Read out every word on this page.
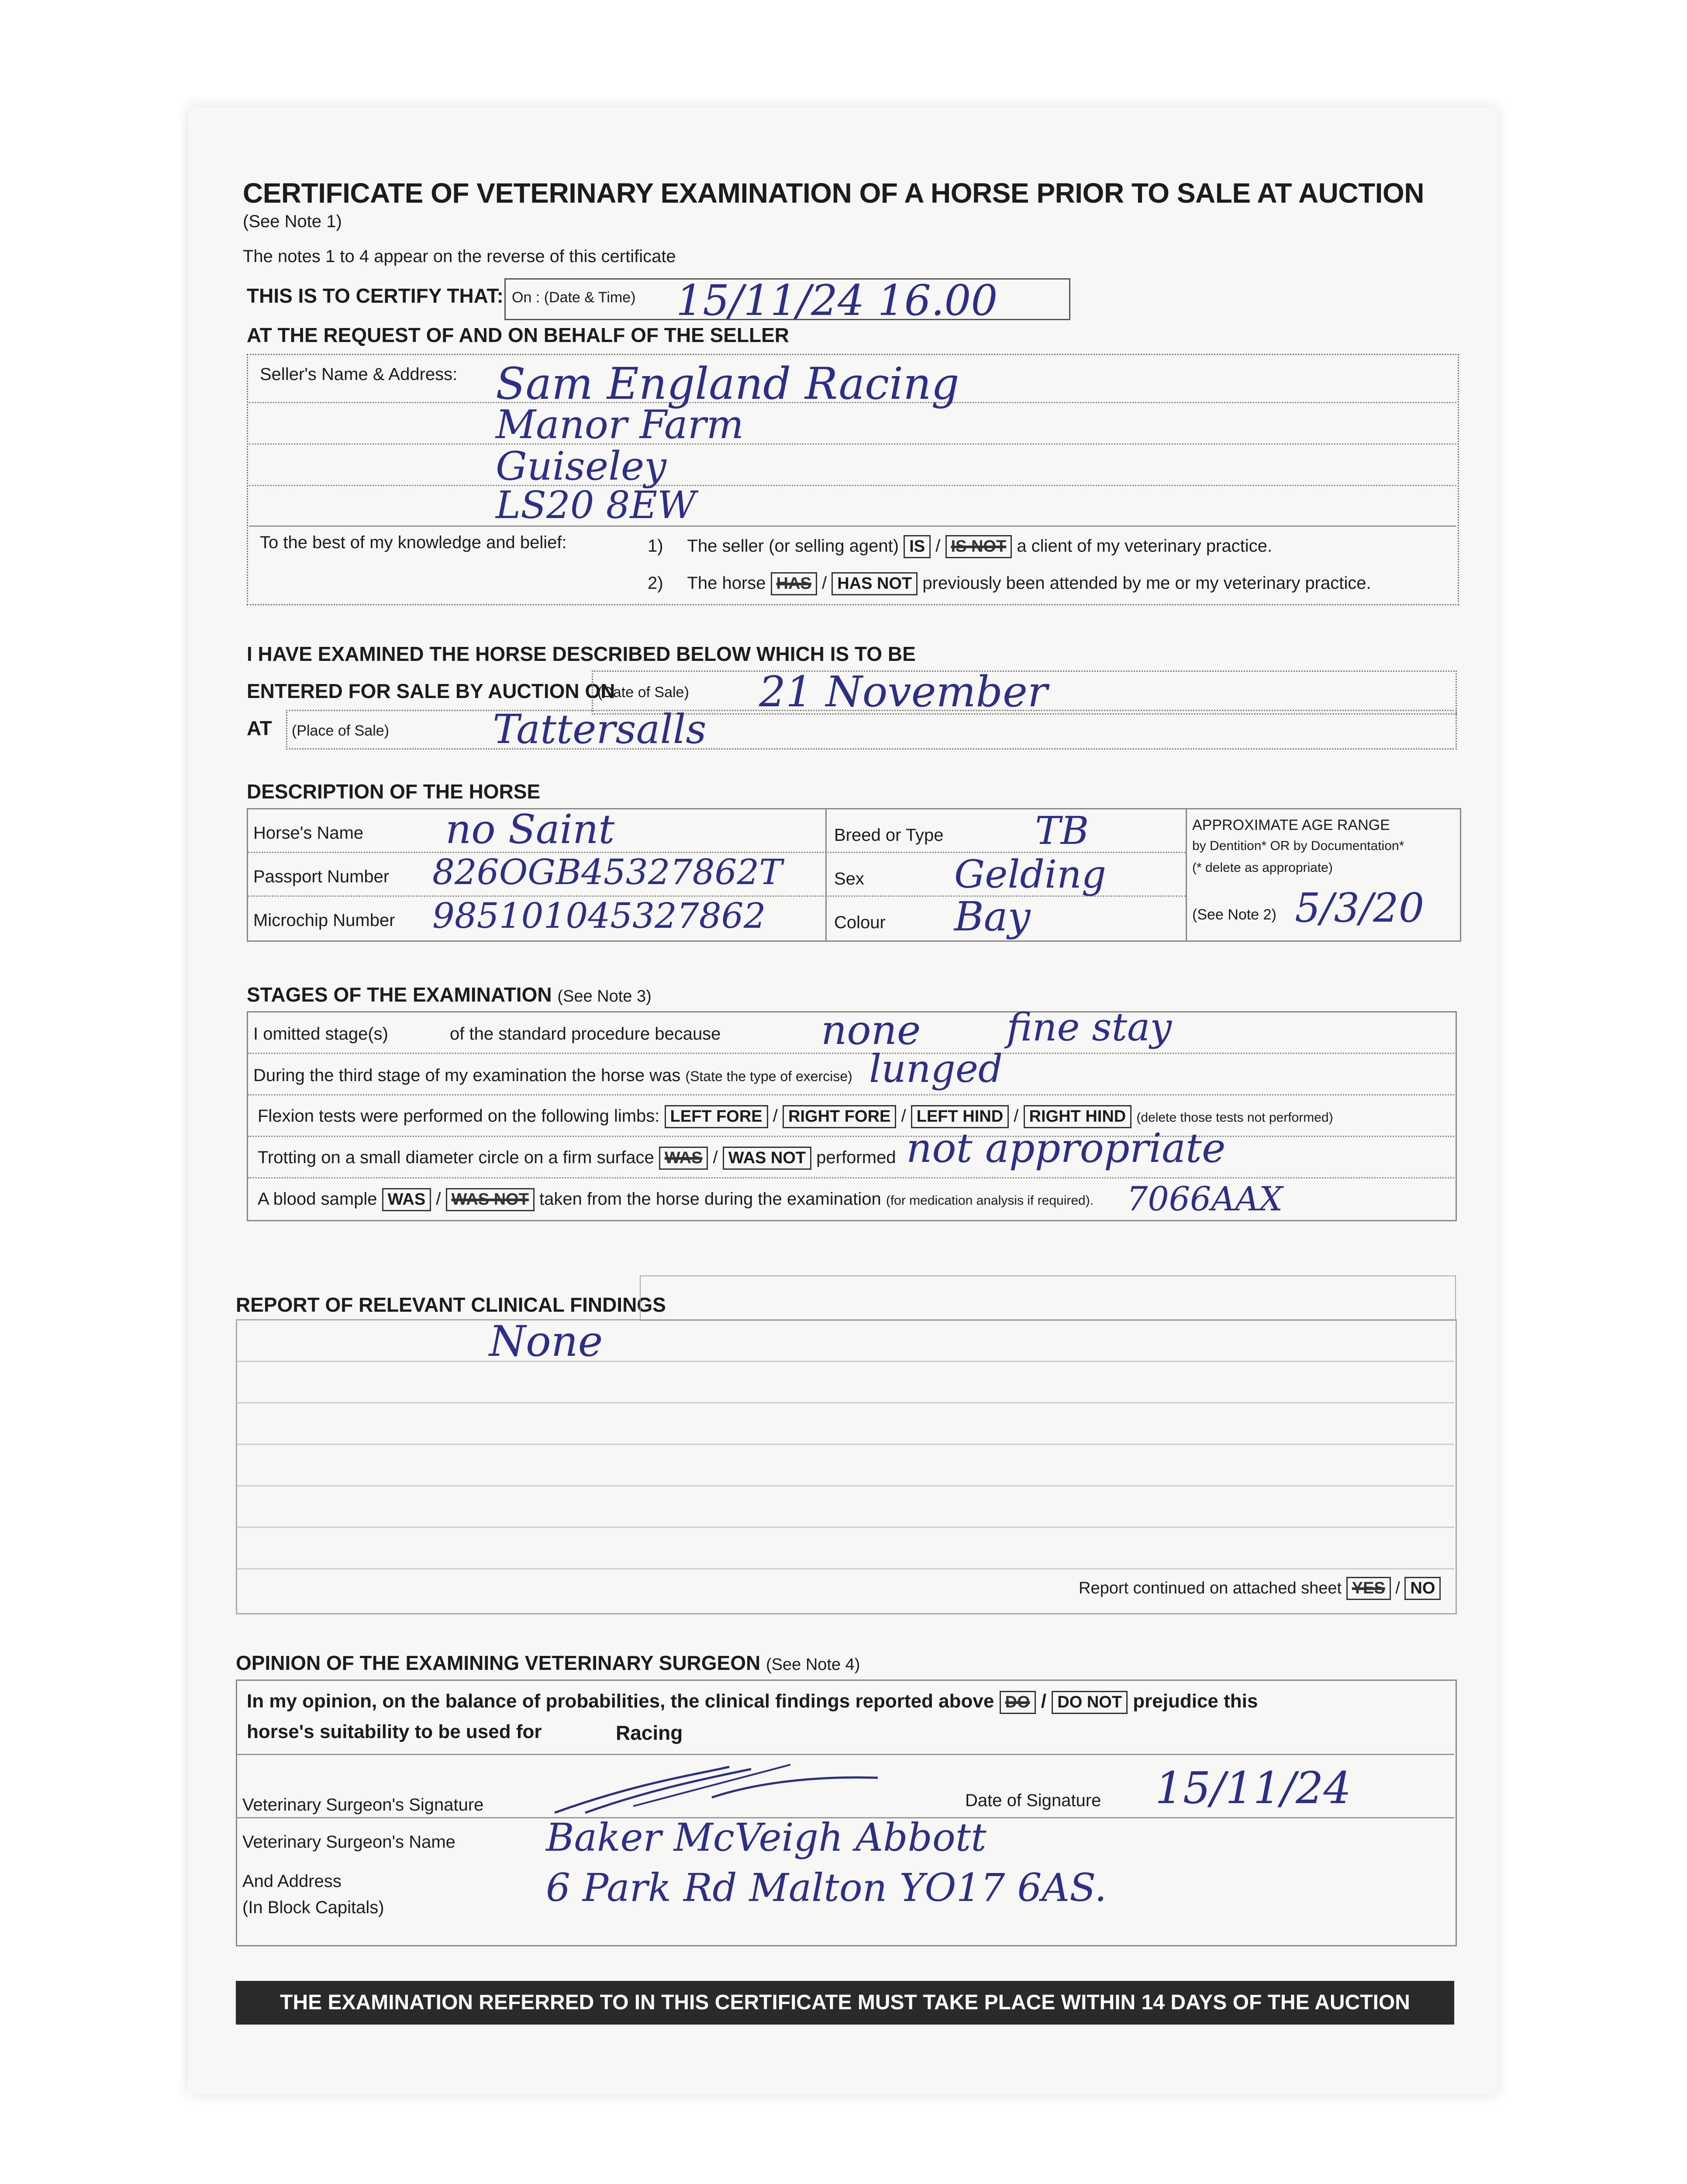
CERTIFICATE OF VETERINARY EXAMINATION OF A HORSE PRIOR TO SALE AT AUCTION
(See Note 1)
The notes 1 to 4 appear on the reverse of this certificate
THIS IS TO CERTIFY THAT: On : (Date & Time) 15/11/24 16.00
AT THE REQUEST OF AND ON BEHALF OF THE SELLER
Seller's Name & Address: Sam England Racing
Manor Farm
Guiseley
LS20 8EW
To the best of my knowledge and belief:	1) The seller (or selling agent) IS / IS NOT a client of my veterinary practice.
2) The horse HAS / HAS NOT previously been attended by me or my veterinary practice.
I HAVE EXAMINED THE HORSE DESCRIBED BELOW WHICH IS TO BE
ENTERED FOR SALE BY AUCTION ON
(Date of Sale) 21 November
AT (Place of Sale)	Tattersalls
DESCRIPTION OF THE HORSE
Horse's Name no Saint
Passport Number 826OGB45327862T
Microchip Number 985101045327862
Breed or Type TB
Sex Gelding
Colour Bay
APPROXIMATE AGE RANGE
by Dentition* OR by Documentation*
(* delete as appropriate)
(See Note 2) 5/3/20
STAGES OF THE EXAMINATION (See Note 3)
I omitted stage(s)	of the standard procedure because none fine stay
During the third stage of my examination the horse was (State the type of exercise) lunged
Flexion tests were performed on the following limbs: LEFT FORE / RIGHT FORE / LEFT HIND / RIGHT HIND (delete those tests not performed)
Trotting on a small diameter circle on a firm surface WAS / WAS NOT performed not appropriate
A blood sample WAS / WAS NOT taken from the horse during the examination (for medication analysis if required). 7066AAX
REPORT OF RELEVANT CLINICAL FINDINGS
None
Report continued on attached sheet YES / NO
OPINION OF THE EXAMINING VETERINARY SURGEON (See Note 4)
In my opinion, on the balance of probabilities, the clinical findings reported above DO / DO NOT prejudice this
horse's suitability to be used for	Racing
Veterinary Surgeon's Signature	Date of Signature 15/11/24
Veterinary Surgeon's Name Baker McVeigh Abbott
And Address
(In Block Capitals)	6 Park Rd Malton YO17 6AS.
THE EXAMINATION REFERRED TO IN THIS CERTIFICATE MUST TAKE PLACE WITHIN 14 DAYS OF THE AUCTION
